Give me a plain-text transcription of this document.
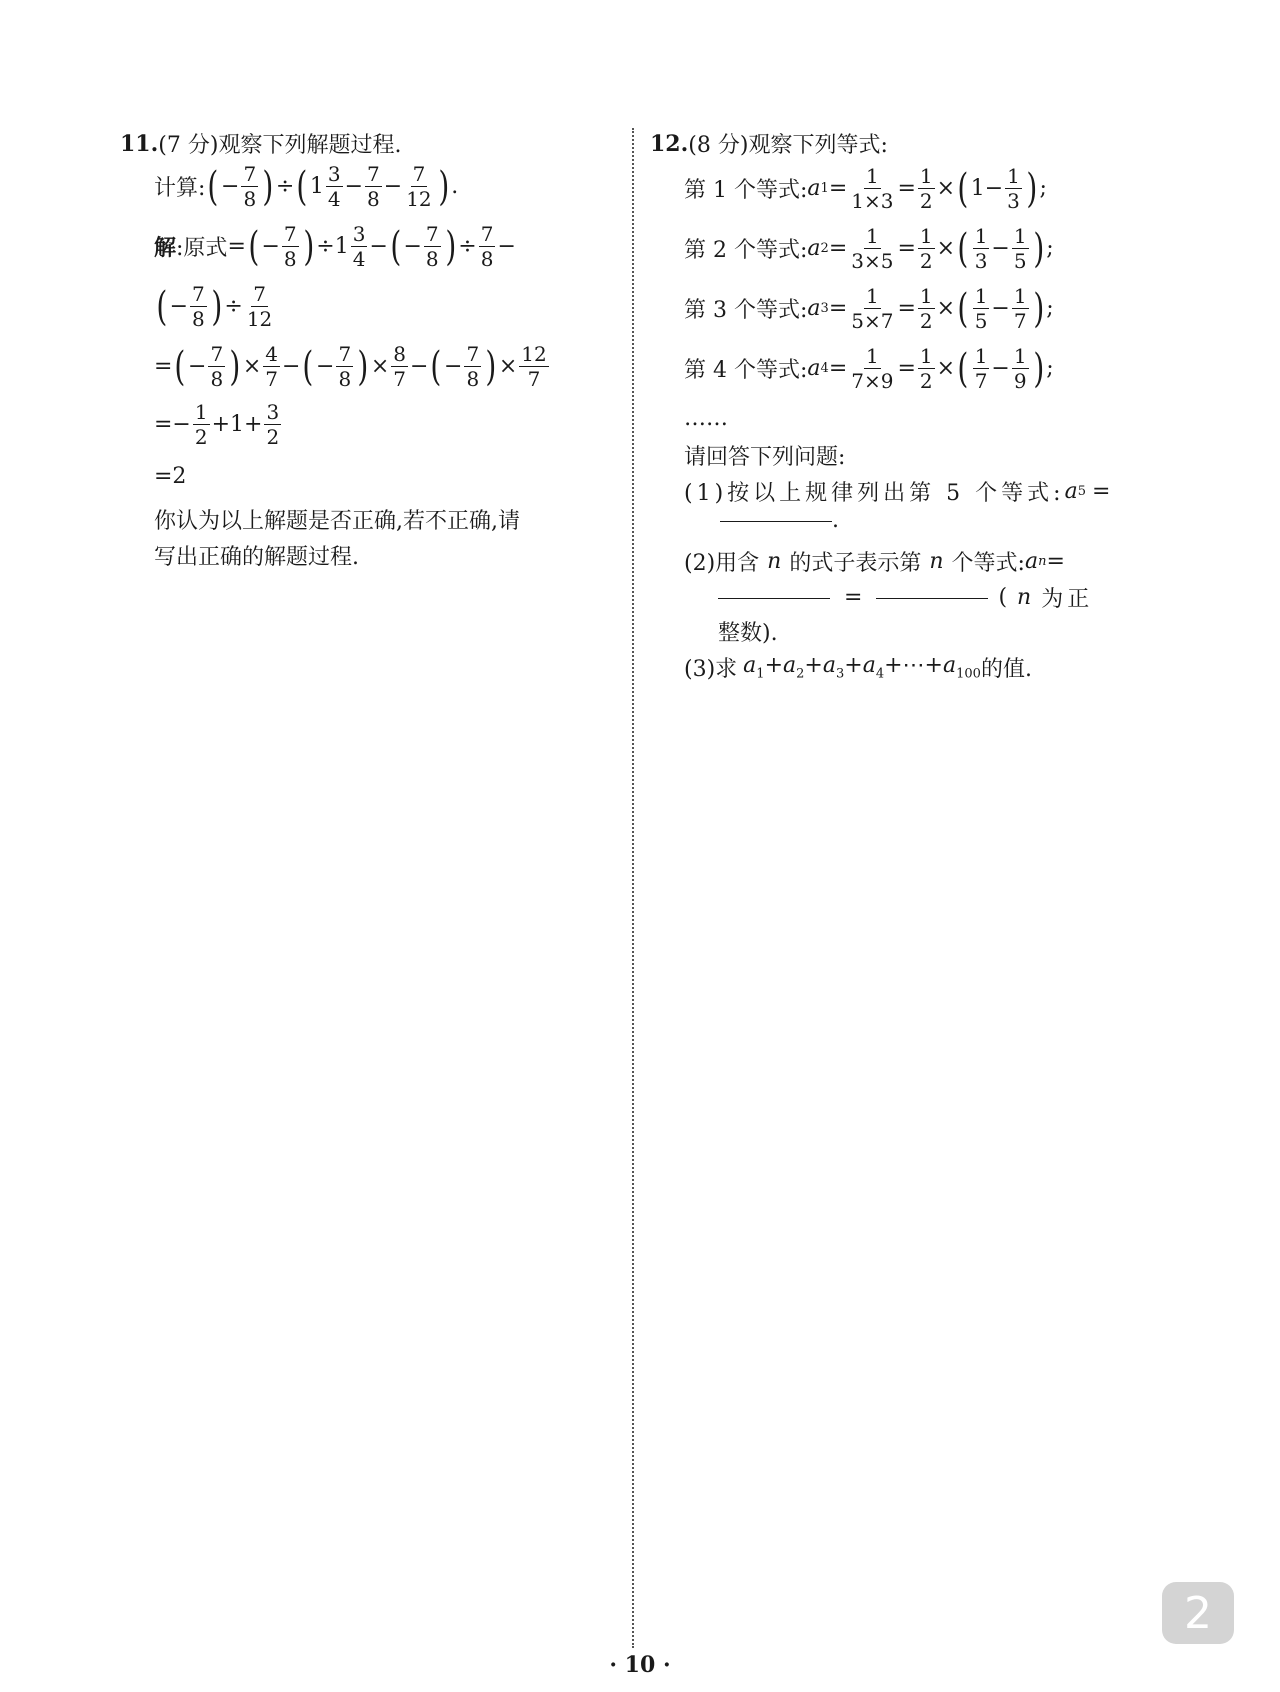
11. (7 分)观察下列解题过程.
计算: ( − $\frac{7}{8}$ ) ÷ ( $1 \frac{3}{4} - \frac{7}{8} - \frac{7}{12}$ ) .
解 :原式 = ( − $\frac{7}{8}$ ) $\div 1 \frac{3}{4}$ − ( − $\frac{7}{8}$ ) ÷ $\frac{7}{8}$ −
( − $\frac{7}{8}$ ) ÷ $\frac{7}{12}$
= ( − $\frac{7}{8}$ ) × $\frac{4}{7}$ − ( − $\frac{7}{8}$ ) × $\frac{8}{7}$ − ( − $\frac{7}{8}$ ) × $\frac{12}{7}$
=− $\frac{1}{2} +1+ \frac{3}{2}$
=2
你认为以上解题是否正确,若不正确,请
写出正确的解题过程.
12. (8 分)观察下列等式:
第 1 个等式: a $1 = \frac{1}{1\times 3} = \frac{1}{2}$ × ( $1 - \frac{1}{3}$ ) ;
第 2 个等式: a $2 = \frac{1}{3\times 5} = \frac{1}{2}$ × ( $\frac{1}{3} - \frac{1}{5}$ ) ;
第 3 个等式: a $3 = \frac{1}{5\times 7} = \frac{1}{2}$ × ( $\frac{1}{5} - \frac{1}{7}$ ) ;
第 4 个等式: a $4 = \frac{1}{7\times 9} = \frac{1}{2}$ × ( $\frac{1}{7} - \frac{1}{9}$ ) ;
……
请回答下列问题:
(1)按以上规律列出第 5 个等式: a 5 =
.
(2)用含 n 的式子表示第 n 个等式: a n =
=	( n 为正
整数).
(3)求 $a_1+a_2+a_3+a_4+\cdots+a_{100}$ 的值.
· 10 ·
2
